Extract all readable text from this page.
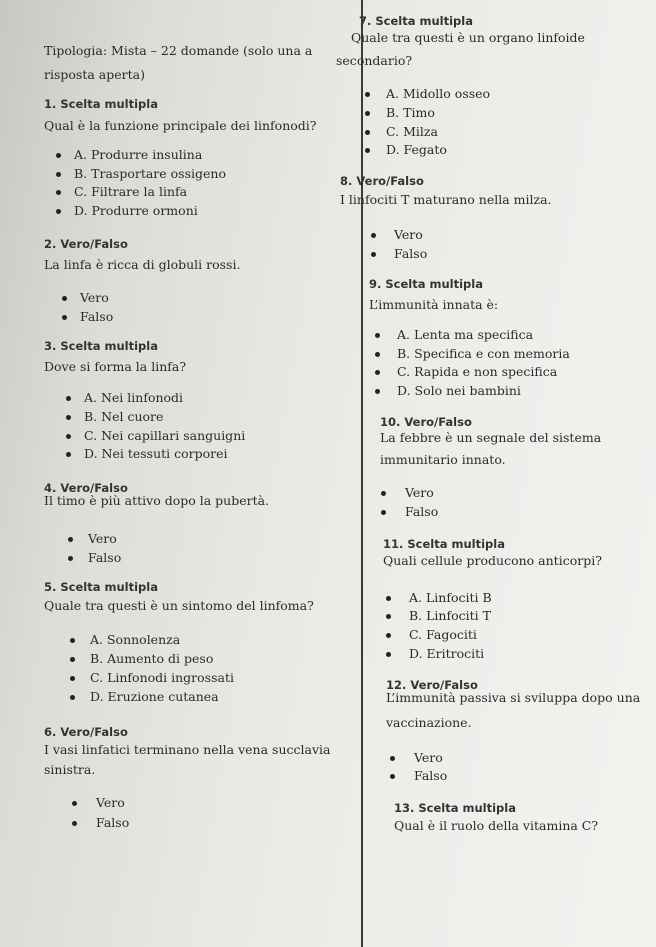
Tipologia: Mista – 22 domande (solo una a
risposta aperta)
1. Scelta multipla
Qual è la funzione principale dei linfonodi?
A. Produrre insulina
B. Trasportare ossigeno
C. Filtrare la linfa
D. Produrre ormoni
2. Vero/Falso
La linfa è ricca di globuli rossi.
Vero
Falso
3. Scelta multipla
Dove si forma la linfa?
A. Nei linfonodi
B. Nel cuore
C. Nei capillari sanguigni
D. Nei tessuti corporei
4. Vero/Falso
Il timo è più attivo dopo la pubertà.
Vero
Falso
5. Scelta multipla
Quale tra questi è un sintomo del linfoma?
A. Sonnolenza
B. Aumento di peso
C. Linfonodi ingrossati
D. Eruzione cutanea
6. Vero/Falso
I vasi linfatici terminano nella vena succlavia
sinistra.
Vero
Falso
7. Scelta multipla
Quale tra questi è un organo linfoide
secondario?
A. Midollo osseo
B. Timo
C. Milza
D. Fegato
8. Vero/Falso
I linfociti T maturano nella milza.
Vero
Falso
9. Scelta multipla
L’immunità innata è:
A. Lenta ma specifica
B. Specifica e con memoria
C. Rapida e non specifica
D. Solo nei bambini
10. Vero/Falso
La febbre è un segnale del sistema
immunitario innato.
Vero
Falso
11. Scelta multipla
Quali cellule producono anticorpi?
A. Linfociti B
B. Linfociti T
C. Fagociti
D. Eritrociti
12. Vero/Falso
L’immunità passiva si sviluppa dopo una
vaccinazione.
Vero
Falso
13. Scelta multipla
Qual è il ruolo della vitamina C?
